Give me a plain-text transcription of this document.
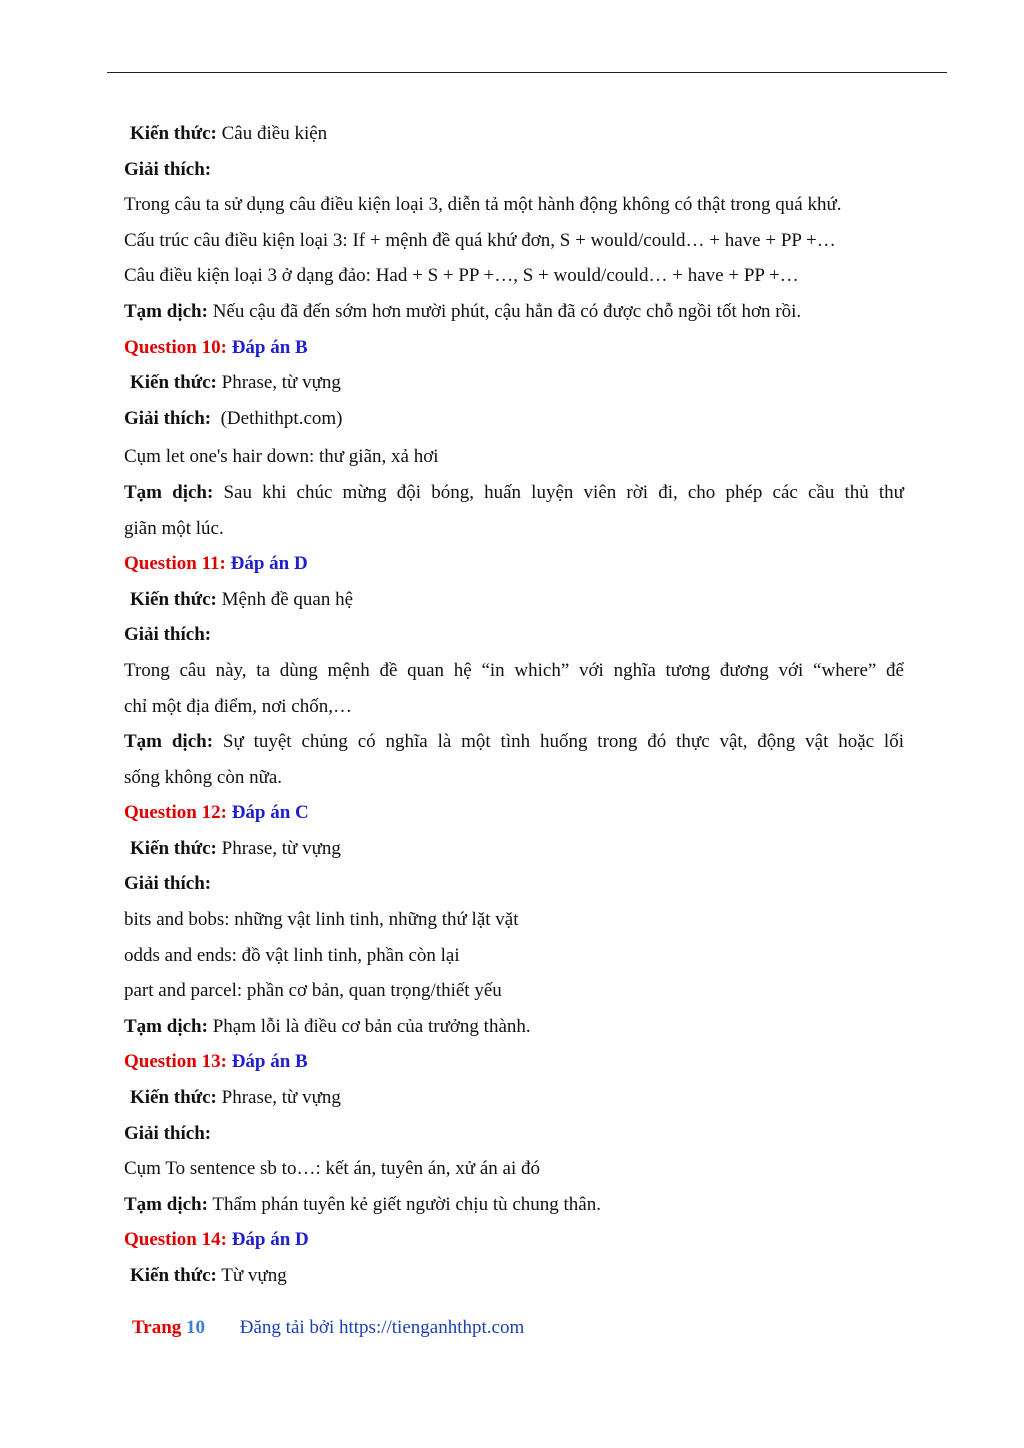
Kiến thức: Câu điều kiện
Giải thích:
Trong câu ta sử dụng câu điều kiện loại 3, diễn tả một hành động không có thật trong quá khứ.
Cấu trúc câu điều kiện loại 3: If + mệnh đề quá khứ đơn, S + would/could… + have + PP +…
Câu điều kiện loại 3 ở dạng đảo: Had + S + PP +…, S + would/could… + have + PP +…
Tạm dịch: Nếu cậu đã đến sớm hơn mười phút, cậu hẳn đã có được chỗ ngồi tốt hơn rồi.
Question 10: Đáp án B
Kiến thức: Phrase, từ vựng
Giải thích:  (Dethithpt.com)
Cụm let one's hair down: thư giãn, xả hơi
Tạm dịch: Sau khi chúc mừng đội bóng, huấn luyện viên rời đi, cho phép các cầu thủ thư
giãn một lúc.
Question 11: Đáp án D
Kiến thức: Mệnh đề quan hệ
Giải thích:
Trong câu này, ta dùng mệnh đề quan hệ “in which” với nghĩa tương đương với “where” để
chỉ một địa điểm, nơi chốn,…
Tạm dịch: Sự tuyệt chủng có nghĩa là một tình huống trong đó thực vật, động vật hoặc lối
sống không còn nữa.
Question 12: Đáp án C
Kiến thức: Phrase, từ vựng
Giải thích:
bits and bobs: những vật linh tinh, những thứ lặt vặt
odds and ends: đồ vật linh tinh, phần còn lại
part and parcel: phần cơ bản, quan trọng/thiết yếu
Tạm dịch: Phạm lỗi là điều cơ bản của trưởng thành.
Question 13: Đáp án B
Kiến thức: Phrase, từ vựng
Giải thích:
Cụm To sentence sb to…: kết án, tuyên án, xử án ai đó
Tạm dịch: Thẩm phán tuyên kẻ giết người chịu tù chung thân.
Question 14: Đáp án D
Kiến thức: Từ vựng
Trang 10 Đăng tải bởi https://tienganhthpt.com
